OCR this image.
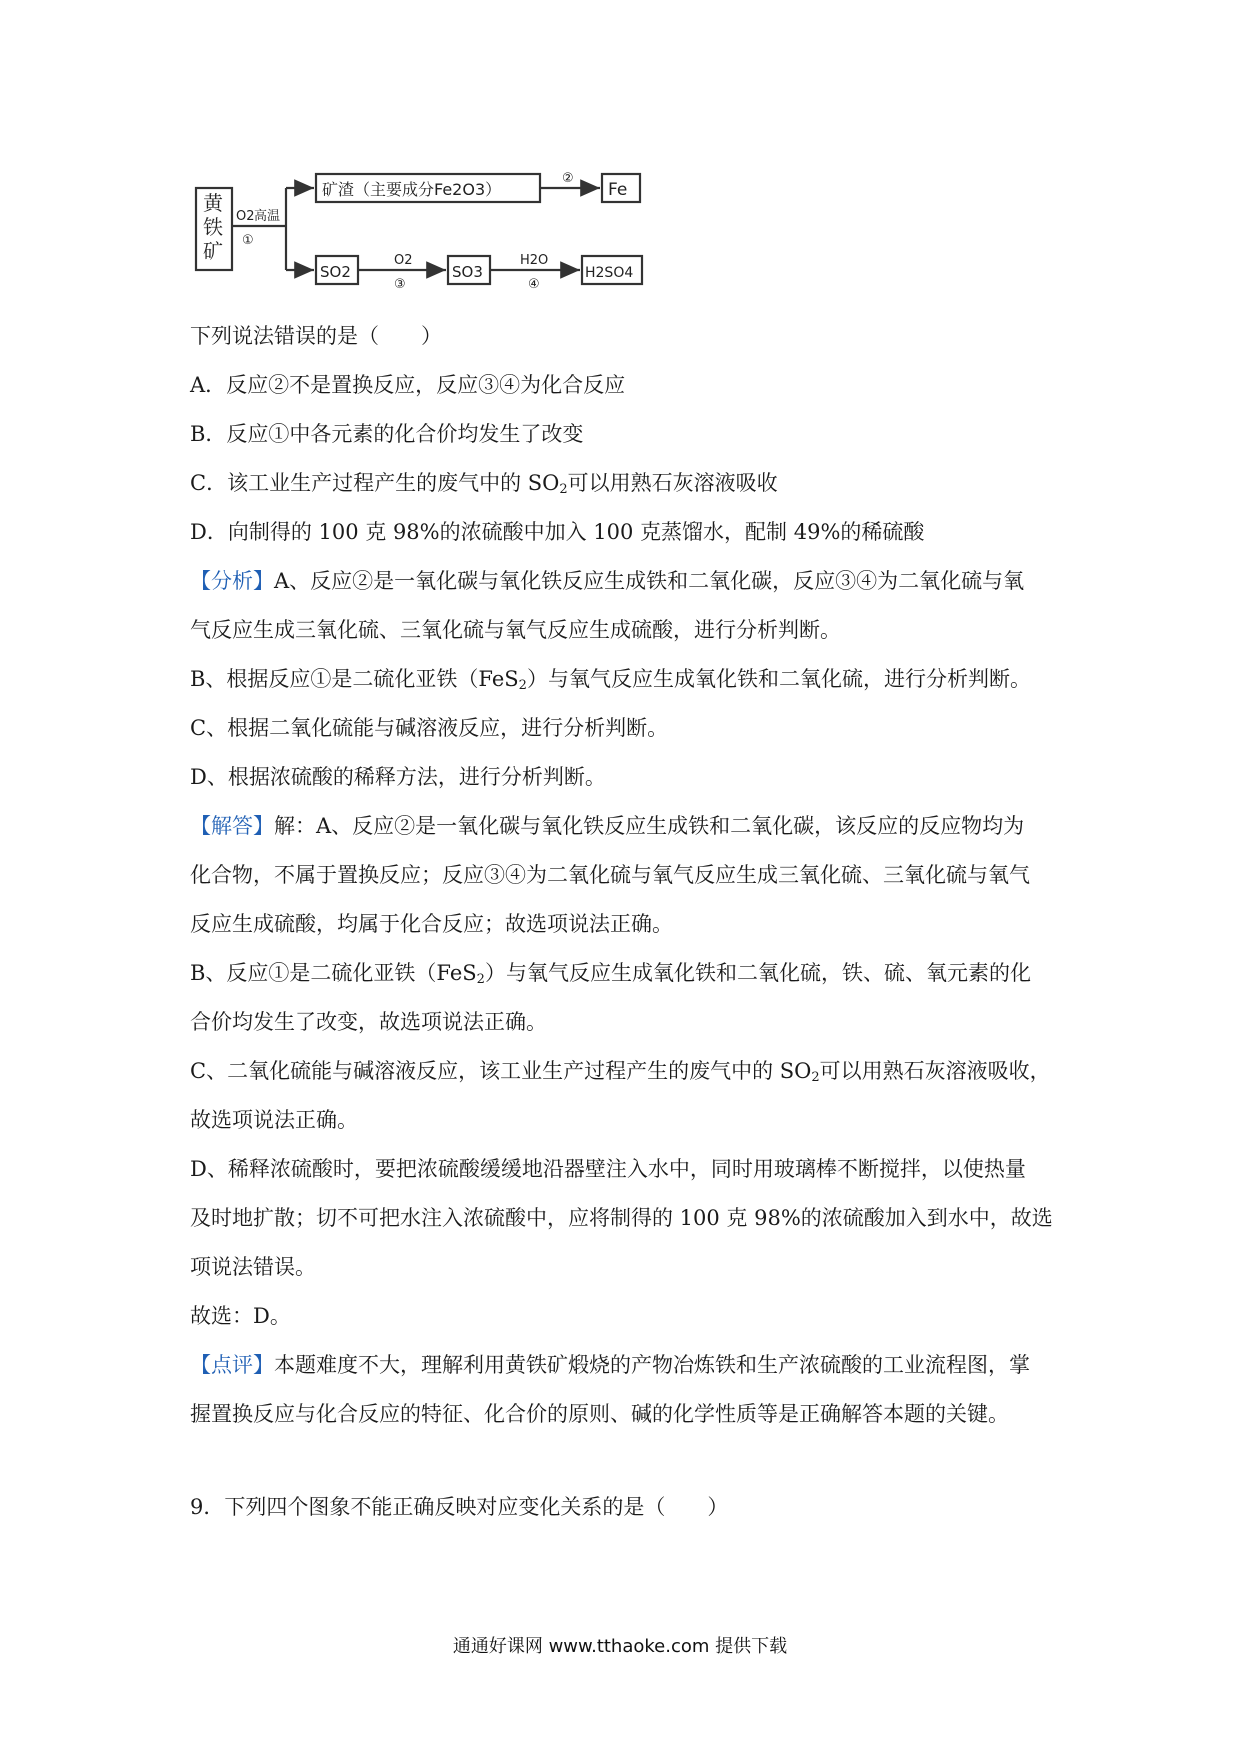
黄
铁
矿
O2 高温
①
矿渣（主要成分Fe2O3）
②
Fe
SO2
O2
③
SO3
H2O
④
H2SO4
下列说法错误的是（　　）
A．反应②不是置换反应，反应③④为化合反应
B．反应①中各元素的化合价均发生了改变
C．该工业生产过程产生的废气中的 $SO_2$可以用熟石灰溶液吸收
D．向制得的 100 克 98%的浓硫酸中加入 100 克蒸馏水，配制 49%的稀硫酸
【分析】A、反应②是一氧化碳与氧化铁反应生成铁和二氧化碳，反应③④为二氧化硫与氧
气反应生成三氧化硫、三氧化硫与氧气反应生成硫酸，进行分析判断。
B、根据反应①是二硫化亚铁（FeS$_2$）与氧气反应生成氧化铁和二氧化硫，进行分析判断。
C、根据二氧化硫能与碱溶液反应，进行分析判断。
D、根据浓硫酸的稀释方法，进行分析判断。
【解答】解：A、反应②是一氧化碳与氧化铁反应生成铁和二氧化碳，该反应的反应物均为
化合物，不属于置换反应；反应③④为二氧化硫与氧气反应生成三氧化硫、三氧化硫与氧气
反应生成硫酸，均属于化合反应；故选项说法正确。
B、反应①是二硫化亚铁（FeS$_2$）与氧气反应生成氧化铁和二氧化硫，铁、硫、氧元素的化
合价均发生了改变，故选项说法正确。
C、二氧化硫能与碱溶液反应，该工业生产过程产生的废气中的 $SO_2$可以用熟石灰溶液吸收，
故选项说法正确。
D、稀释浓硫酸时，要把浓硫酸缓缓地沿器壁注入水中，同时用玻璃棒不断搅拌，以使热量
及时地扩散；切不可把水注入浓硫酸中，应将制得的 100 克 98%的浓硫酸加入到水中，故选
项说法错误。
故选：D。
【点评】本题难度不大，理解利用黄铁矿煅烧的产物冶炼铁和生产浓硫酸的工业流程图，掌
握置换反应与化合反应的特征、化合价的原则、碱的化学性质等是正确解答本题的关键。
9．下列四个图象不能正确反映对应变化关系的是（　　）
通通好课网 www.tthaoke.com 提供下载
